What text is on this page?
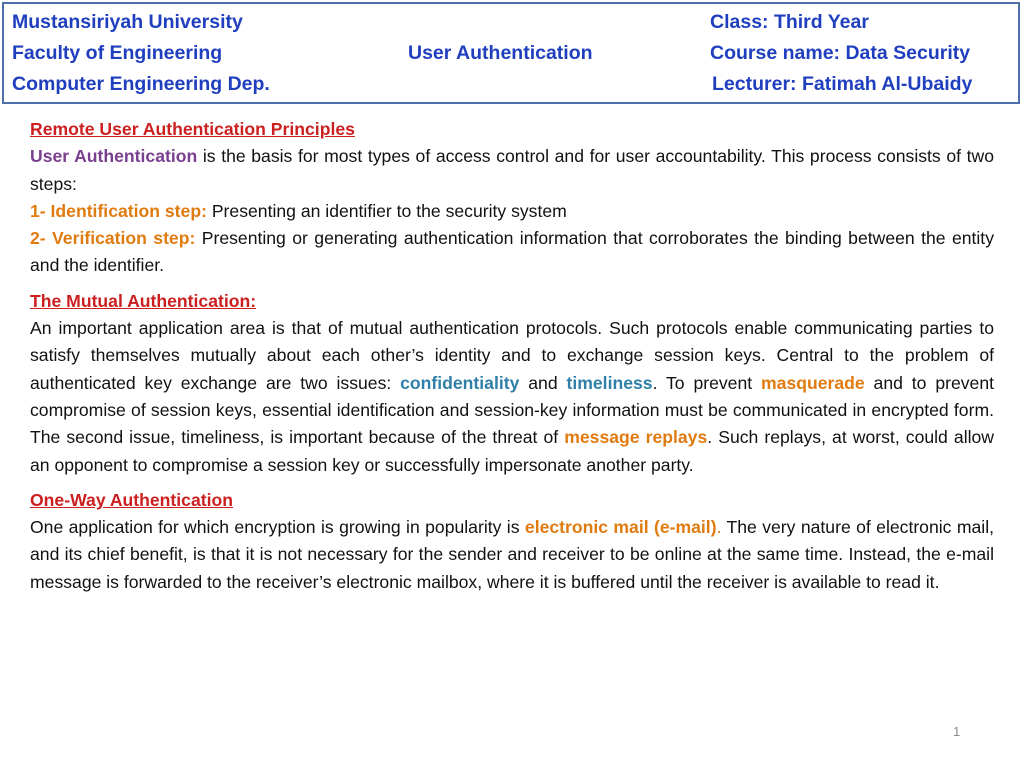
Mustansiriyah University
Faculty of Engineering
Computer Engineering Dep.
User Authentication
Class: Third Year
Course name: Data Security
Lecturer: Fatimah Al-Ubaidy

Remote User Authentication Principles

User Authentication is the basis for most types of access control and for user accountability. This process consists of two steps:

1- Identification step: Presenting an identifier to the security system

2- Verification step: Presenting or generating authentication information that corroborates the binding between the entity and the identifier.

The Mutual Authentication:

An important application area is that of mutual authentication protocols. Such protocols enable communicating parties to satisfy themselves mutually about each other’s identity and to exchange session keys. Central to the problem of authenticated key exchange are two issues: confidentiality and timeliness. To prevent masquerade and to prevent compromise of session keys, essential identification and session-key information must be communicated in encrypted form. The second issue, timeliness, is important because of the threat of message replays. Such replays, at worst, could allow an opponent to compromise a session key or successfully impersonate another party.

One-Way Authentication

One application for which encryption is growing in popularity is electronic mail (e-mail). The very nature of electronic mail, and its chief benefit, is that it is not necessary for the sender and receiver to be online at the same time. Instead, the e-mail message is forwarded to the receiver’s electronic mailbox, where it is buffered until the receiver is available to read it.

1
